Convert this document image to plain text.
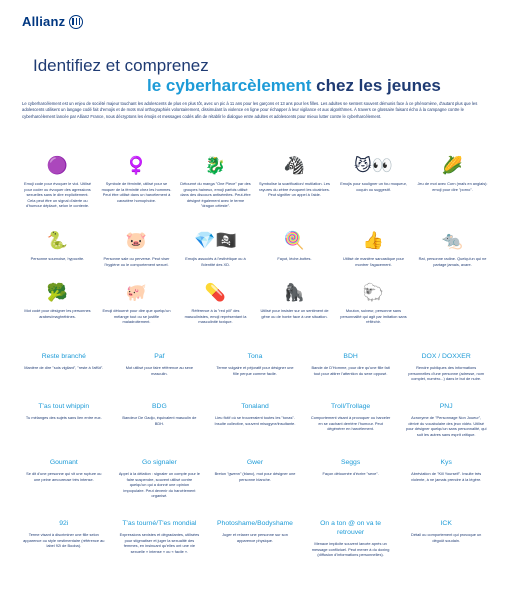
Allianz
Identifiez et comprenez
le cyberharcèlement chez les jeunes

Le cyberharcèlement est un enjeu de société majeur touchant les adolescents de plus en plus tôt, avec un pic à 11 ans pour les garçons et 13 ans pour les filles. Les adultes se sentent souvent démunis face à ce phénomène, d'autant plus que les adolescents utilisent un langage codé fait d'emojis et de mots mal orthographiés volontairement, dissimulant la violence en ligne pour échapper à leur vigilance et aux algorithmes. À travers ce glossaire faisant écho à la campagne contre le cyberharcèlement lancée par Allianz France, nous décryptons les émojis et messages codés afin de rétablir le dialogue entre adultes et adolescents pour mieux lutter contre le cyberharcèlement.

🟣
Emoji code pour évoquer le viol. Utilisé pour coder ou évoquer des agressions sexuelles sans le dire explicitement. Cela peut être un signal d'alerte ou d'humour déplacé, selon le contexte.
♀️
Symbole de féminité, utilisé pour se moquer de la féminité chez les hommes. Peut être utilisé dans un harcèlement à caractère homophobe.
🐉
Détourné du manga "One Piece" par des groupes haineux, emoji parfois utilisé dans des discours antisémites. Peut-être désigné également avec le terme "dragon céleste".
🦓
Symbolise la scarification/ mutilation. Les rayures du zèbre évoquent les cicatrices. Peut signifier un appel à l'aide.
😼👀
Emojis pour souligner un fou moqueur, coquin ou suggestif.
🌽
Jeu de mot avec Corn (maïs en anglais): emoji pour dire "porno".
🐍
Personne sournoise, hypocrite.
🐷
Personne sale ou perverse. Peut viser l'hygiène ou le comportement sexuel.
💎🏴‍☠️
Emojis associés à l'esthétique ou à l'identité des XD.
🍭
Fayot, lèche-bottes.
👍
Utilisé de manière sarcastique pour montrer l'agacement.
🐀
Rat, personne radine. Quelqu'un qui ne partage jamais, avare.
🥦
Mot codé pour désigner les personnes arabes/maghrébines.
🐖
Emoji détourné pour dire que quelqu'un mélange tout ou se justifie maladroitement.
💊
Référence à la "red pill" des masculinistes, emoji représentant la masculinité toxique.
🦍
Utilisé pour insister sur un sentiment de gêne ou de honte face à une situation.
🐑
Mouton, suiveur, personne sans personnalité qui agit par imitation sans réfléchir.
Reste branché
Manière de dire "sois vigilant", "reste à l'affût".
Paf
Mot utilisé pour faire référence au sexe masculin.
Tona
Terme vulgaire et péjoratif pour désigner une fille perçue comme facile.
BDH
Bande de D'Homme, pour dire qu'une fille fait tout pour attirer l'attention du sexe opposé.
DOX / DOXXER
Rendre publiques des informations personnelles d'une personne (adresse, nom complet, numéro...) dans le but de nuire.
T'as tout whippin
Tu mélanges des sujets sans lien entre eux.
BDG
Bandeur De Gadjo, équivalent masculin de BDH.
Tonaland
Lieu fictif où se trouveraient toutes les "tonas". Insulte collective, souvent misogyne/insultante.
Troll/Trollage
Comportement visant à provoquer ou harceler en se cachant derrière l'humour. Peut dégénérer en harcèlement.
PNJ
Acronyme de "Personnage Non Joueur", dérivé du vocabulaire des jeux vidéo. Utilisé pour désigner quelqu'un sans personnalité, qui suit les autres sans esprit critique.
Goumant
Se dit d'une personne qui vit une rupture ou une peine amoureuse très intense.
Go signaler
Appel à la délation : signaler un compte pour le faire suspendre, souvent utilisé contre quelqu'un qui a donné une opinion impopulaire. Peut devenir du harcèlement organisé.
Gwer
Breton "gwenn" (blanc), mot pour désigner une personne blanche.
Seggs
Façon détournée d'écrire "sexe".
Kys
Abréviation de "Kill Yourself". Insulte très violente, à ne jamais prendre à la légère.
92i
Terme visant à discriminer une fille selon apparence ou style vestimentaire (référence au label 92i de Booba).
T'as tourné/T'es mondial
Expressions sexistes et dégradantes, utilisées pour stigmatiser et juger la sexualité des femmes, en insinuant qu'elles ont une vie sexuelle « intense » ou « facile ».
Photoshame/Bodyshame
Juger et relaxer une personne sur son apparence physique.
On a ton @ on va te retrouver
Menace implicite souvent lancée après un message conflictuel. Peut mener à du doxing (diffusion d'informations personnelles).
ICK
Détail ou comportement qui provoque un dégoût soudain.
